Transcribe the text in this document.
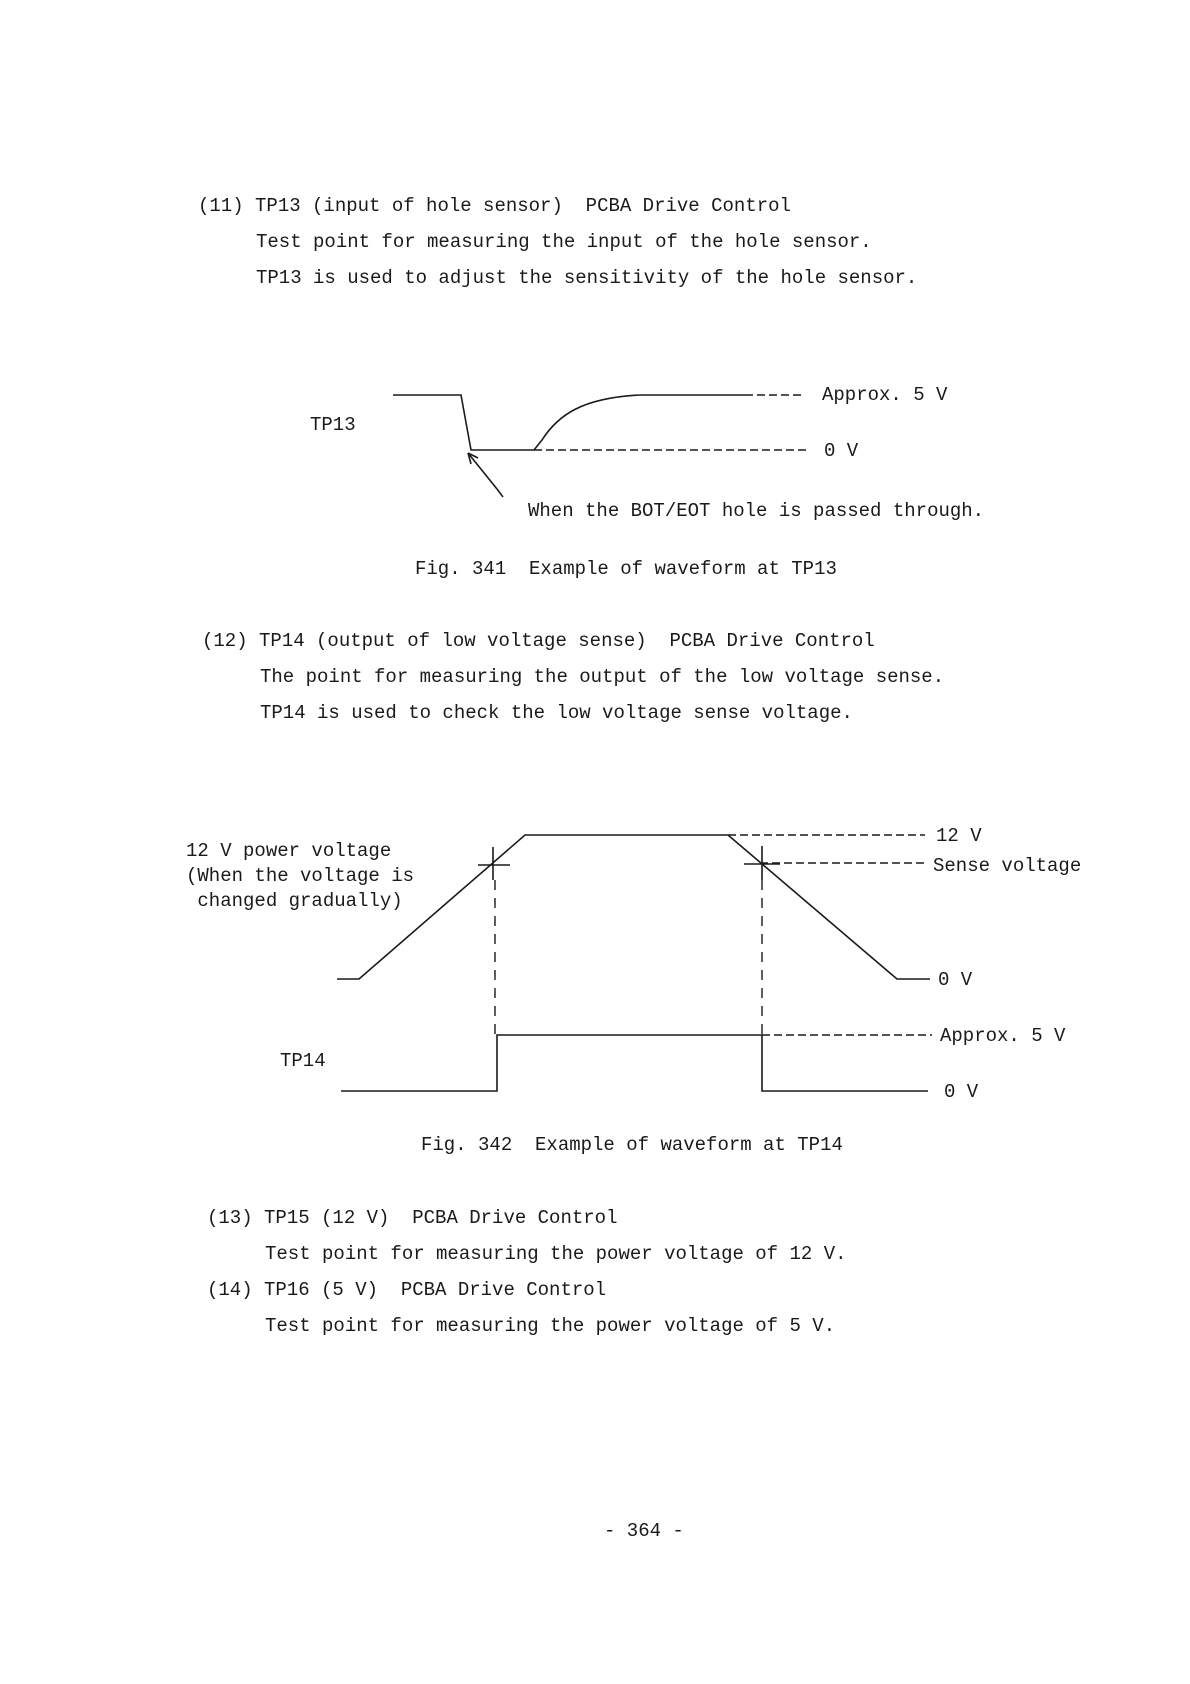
(11) TP13 (input of hole sensor)  PCBA Drive Control
Test point for measuring the input of the hole sensor.
TP13 is used to adjust the sensitivity of the hole sensor.
(12) TP14 (output of low voltage sense)  PCBA Drive Control
The point for measuring the output of the low voltage sense.
TP14 is used to check the low voltage sense voltage.
(13) TP15 (12 V)  PCBA Drive Control
Test point for measuring the power voltage of 12 V.
(14) TP16 (5 V)  PCBA Drive Control
Test point for measuring the power voltage of 5 V.
- 364 -
TP13
Approx. 5 V
0 V
When the BOT/EOT hole is passed through.
Fig. 341  Example of waveform at TP13
12 V power voltage
(When the voltage is
changed gradually)
12 V
Sense voltage
0 V
TP14
Approx. 5 V
0 V
Fig. 342  Example of waveform at TP14
